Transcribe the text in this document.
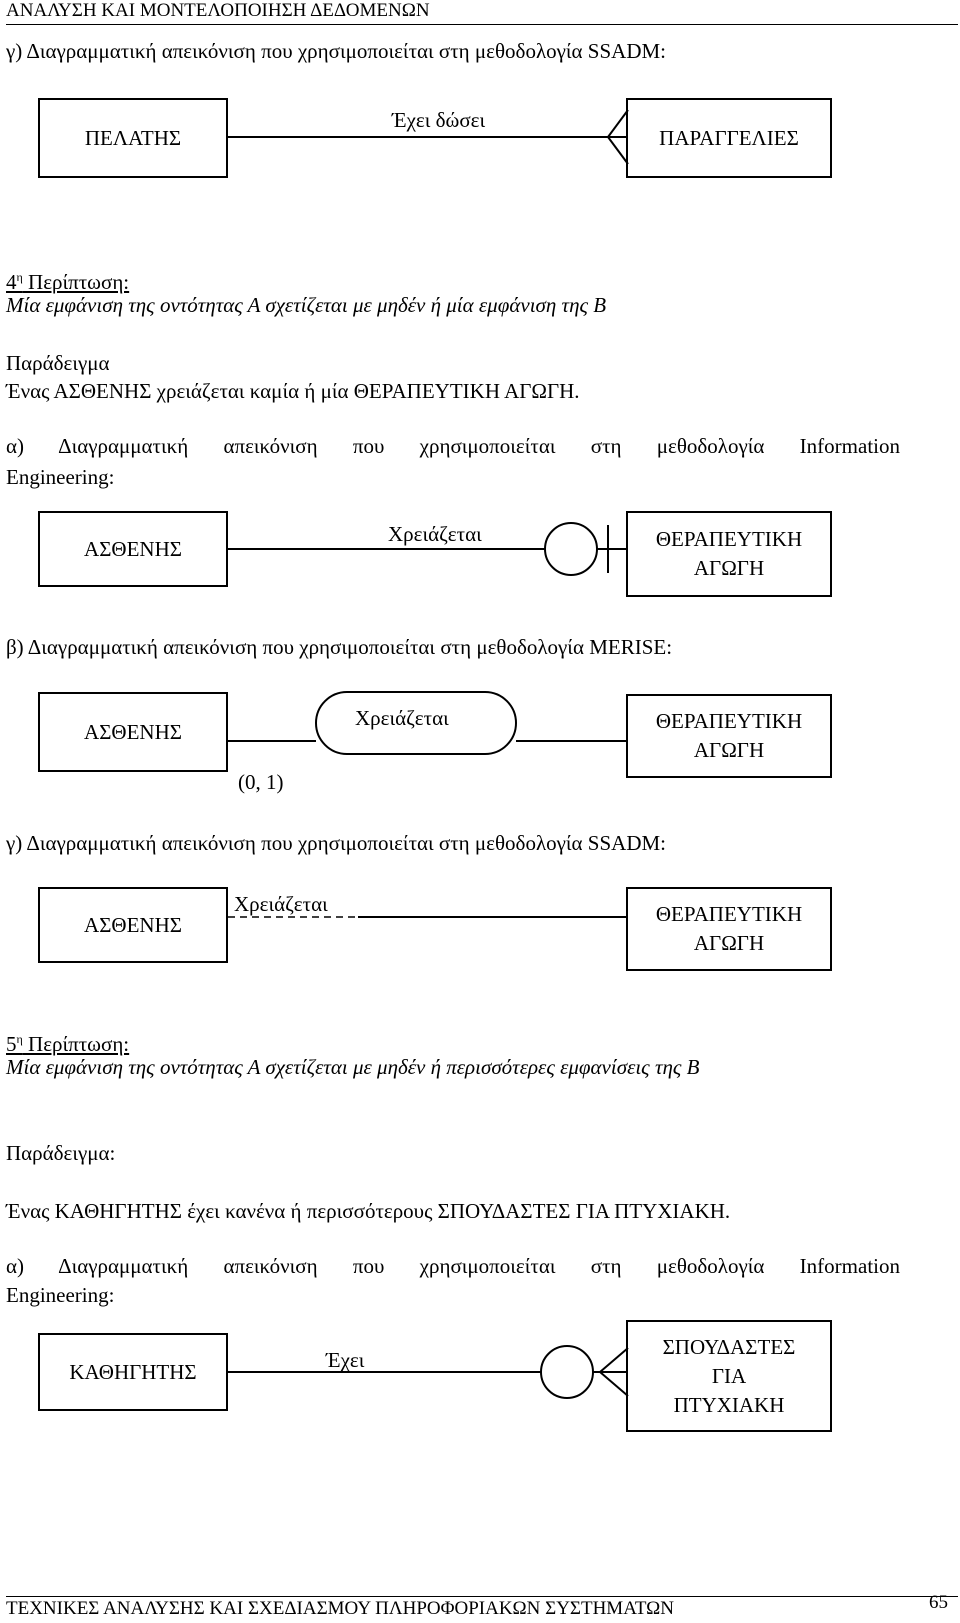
ΑΝΑΛΥΣΗ ΚΑΙ ΜΟΝΤΕΛΟΠΟΙΗΣΗ ΔΕΔΟΜΕΝΩΝ
γ) Διαγραμματική απεικόνιση που χρησιμοποιείται στη μεθοδολογία SSADM:
ΠΕΛΑΤΗΣ
Έχει δώσει
ΠΑΡΑΓΓΕΛΙΕΣ
$4^\eta$ Περίπτωση:
Μία εμφάνιση της οντότητας Α σχετίζεται με μηδέν ή μία εμφάνιση της Β
Παράδειγμα
Ένας ΑΣΘΕΝΗΣ χρειάζεται καμία ή μία ΘΕΡΑΠΕΥΤΙΚΗ ΑΓΩΓΗ.
α) Διαγραμματική απεικόνιση που χρησιμοποιείται στη μεθοδολογία Information
Engineering:
ΑΣΘΕΝΗΣ
Χρειάζεται	ΘΕΡΑΠΕΥΤΙΚΗ
ΑΓΩΓΗ
β) Διαγραμματική απεικόνιση που χρησιμοποιείται στη μεθοδολογία MERISE:
ΑΣΘΕΝΗΣ
Χρειάζεται
(0, 1)
ΘΕΡΑΠΕΥΤΙΚΗ
ΑΓΩΓΗ
γ) Διαγραμματική απεικόνιση που χρησιμοποιείται στη μεθοδολογία SSADM:
ΑΣΘΕΝΗΣ
Χρειάζεται	ΘΕΡΑΠΕΥΤΙΚΗ
ΑΓΩΓΗ
$5^\eta$ Περίπτωση:
Μία εμφάνιση της οντότητας Α σχετίζεται με μηδέν ή περισσότερες εμφανίσεις της Β
Παράδειγμα:
Ένας ΚΑΘΗΓΗΤΗΣ έχει κανένα ή περισσότερους ΣΠΟΥΔΑΣΤΕΣ ΓΙΑ ΠΤΥΧΙΑΚΗ.
α) Διαγραμματική απεικόνιση που χρησιμοποιείται στη μεθοδολογία Information
Engineering:
ΚΑΘΗΓΗΤΗΣ	Έχει
ΣΠΟΥΔΑΣΤΕΣ
ΓΙΑ
ΠΤΥΧΙΑΚΗ
ΤΕΧΝΙΚΕΣ ΑΝΑΛΥΣΗΣ ΚΑΙ ΣΧΕΔΙΑΣΜΟΥ ΠΛΗΡΟΦΟΡΙΑΚΩΝ ΣΥΣΤΗΜΑΤΩΝ	65
